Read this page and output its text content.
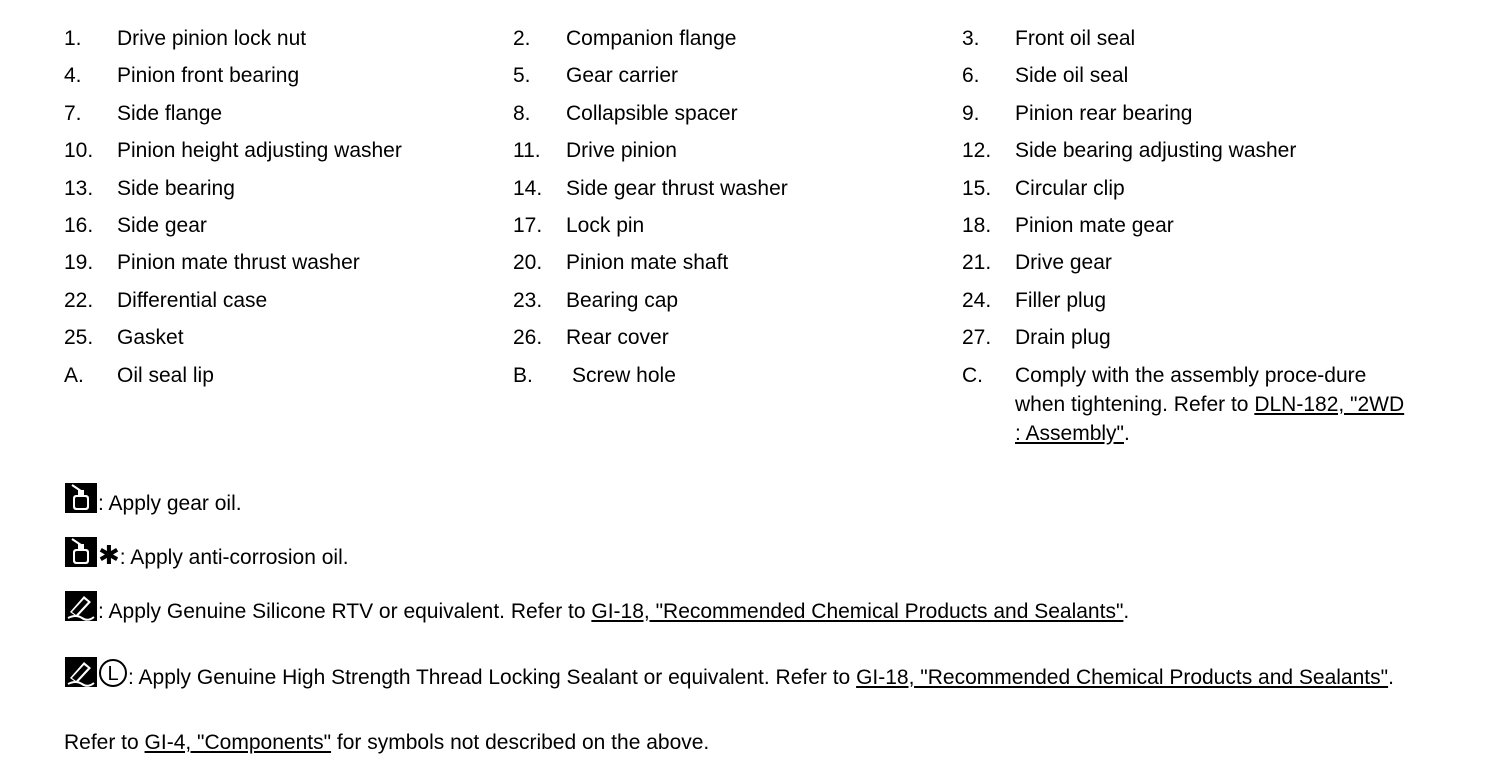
1. Drive pinion lock nut
4. Pinion front bearing
7. Side flange
10. Pinion height adjusting washer
13. Side bearing
16. Side gear
19. Pinion mate thrust washer
22. Differential case
25. Gasket
A. Oil seal lip
2. Companion flange
5. Gear carrier
8. Collapsible spacer
11. Drive pinion
14. Side gear thrust washer
17. Lock pin
20. Pinion mate shaft
23. Bearing cap
26. Rear cover
B. Screw hole
3. Front oil seal
6. Side oil seal
9. Pinion rear bearing
12. Side bearing adjusting washer
15. Circular clip
18. Pinion mate gear
21. Drive gear
24. Filler plug
27. Drain plug
C. Comply with the assembly proce-dure when tightening. Refer to DLN-182, "2WD : Assembly".
: Apply gear oil.
✱: Apply anti-corrosion oil.
: Apply Genuine Silicone RTV or equivalent. Refer to GI-18, "Recommended Chemical Products and Sealants".
L : Apply Genuine High Strength Thread Locking Sealant or equivalent. Refer to GI-18, "Recommended Chemical Products and Sealants".
Refer to GI-4, "Components" for symbols not described on the above.
